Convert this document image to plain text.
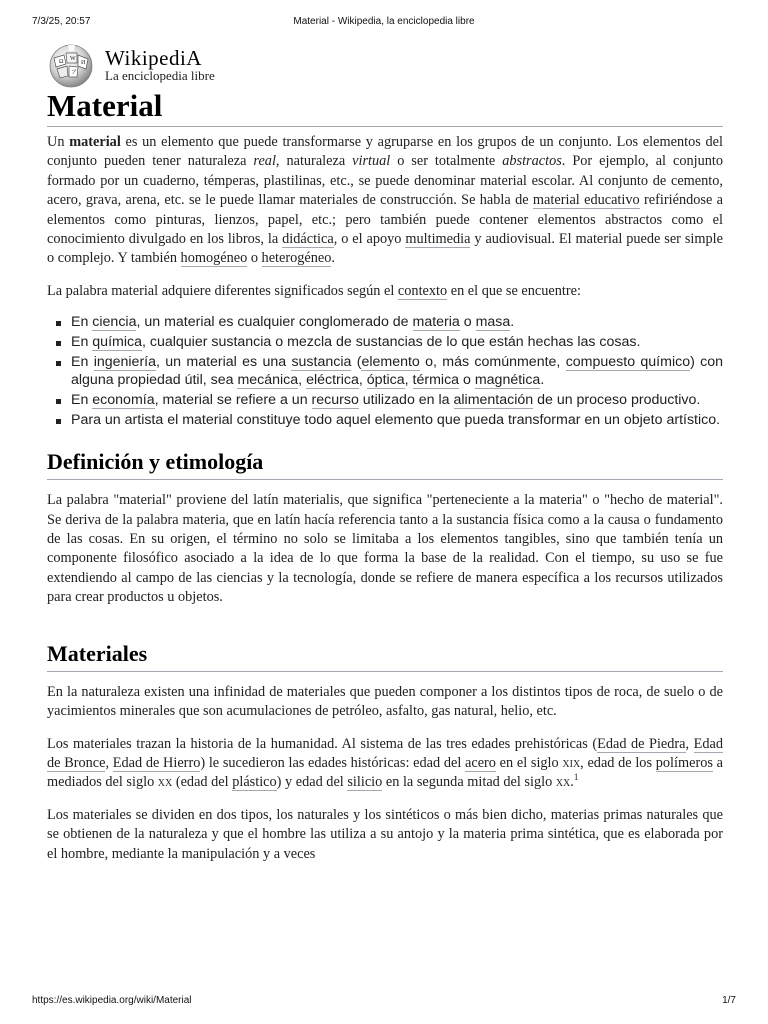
7/3/25, 20:57	Material - Wikipedia, la enciclopedia libre
Ω W
И
ア
WikipediA
La enciclopedia libre
Material

Un material es un elemento que puede transformarse y agruparse en los grupos de un conjunto. Los elementos del conjunto pueden tener naturaleza real, naturaleza virtual o ser totalmente abstractos. Por ejemplo, al conjunto formado por un cuaderno, témperas, plastilinas, etc., se puede denominar material escolar. Al conjunto de cemento, acero, grava, arena, etc. se le puede llamar materiales de construcción. Se habla de material educativo refiriéndose a elementos como pinturas, lienzos, papel, etc.; pero también puede contener elementos abstractos como el conocimiento divulgado en los libros, la didáctica, o el apoyo multimedia y audiovisual. El material puede ser simple o complejo. Y también homogéneo o heterogéneo.

La palabra material adquiere diferentes significados según el contexto en el que se encuentre:

En ciencia, un material es cualquier conglomerado de materia o masa.
En química, cualquier sustancia o mezcla de sustancias de lo que están hechas las cosas.
En ingeniería, un material es una sustancia (elemento o, más comúnmente, compuesto químico) con alguna propiedad útil, sea mecánica, eléctrica, óptica, térmica o magnética.
En economía, material se refiere a un recurso utilizado en la alimentación de un proceso productivo.
Para un artista el material constituye todo aquel elemento que pueda transformar en un objeto artístico.
Definición y etimología

La palabra "material" proviene del latín materialis, que significa "perteneciente a la materia" o "hecho de material". Se deriva de la palabra materia, que en latín hacía referencia tanto a la sustancia física como a la causa o fundamento de las cosas. En su origen, el término no solo se limitaba a los elementos tangibles, sino que también tenía un componente filosófico asociado a la idea de lo que forma la base de la realidad. Con el tiempo, su uso se fue extendiendo al campo de las ciencias y la tecnología, donde se refiere de manera específica a los recursos utilizados para crear productos u objetos.

Materiales

En la naturaleza existen una infinidad de materiales que pueden componer a los distintos tipos de roca, de suelo o de yacimientos minerales que son acumulaciones de petróleo, asfalto, gas natural, helio, etc.

Los materiales trazan la historia de la humanidad. Al sistema de las tres edades prehistóricas (Edad de Piedra, Edad de Bronce, Edad de Hierro) le sucedieron las edades históricas: edad del acero en el siglo xix, edad de los polímeros a mediados del siglo xx (edad del plástico) y edad del silicio en la segunda mitad del siglo xx.$^1$

Los materiales se dividen en dos tipos, los naturales y los sintéticos o más bien dicho, materias primas naturales que se obtienen de la naturaleza y que el hombre las utiliza a su antojo y la materia prima sintética, que es elaborada por el hombre, mediante la manipulación y a veces

https://es.wikipedia.org/wiki/Material	1/7
